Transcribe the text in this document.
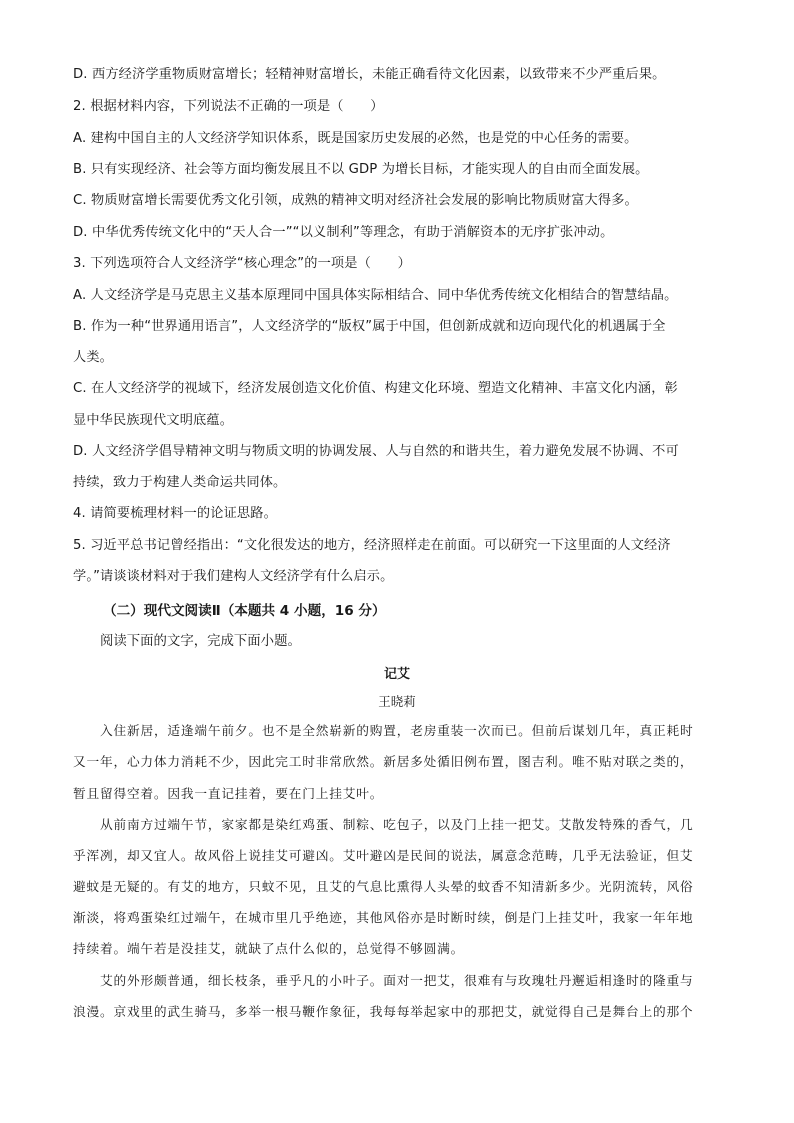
D. 西方经济学重物质财富增长；轻精神财富增长，未能正确看待文化因素，以致带来不少严重后果。
2. 根据材料内容，下列说法不正确的一项是（　　）
A. 建构中国自主的人文经济学知识体系，既是国家历史发展的必然，也是党的中心任务的需要。
B. 只有实现经济、社会等方面均衡发展且不以 GDP 为增长目标，才能实现人的自由而全面发展。
C. 物质财富增长需要优秀文化引领，成熟的精神文明对经济社会发展的影响比物质财富大得多。
D. 中华优秀传统文化中的“天人合一”“以义制利”等理念，有助于消解资本的无序扩张冲动。
3. 下列选项符合人文经济学“核心理念”的一项是（　　）
A. 人文经济学是马克思主义基本原理同中国具体实际相结合、同中华优秀传统文化相结合的智慧结晶。
B. 作为一种“世界通用语言”，人文经济学的“版权”属于中国，但创新成就和迈向现代化的机遇属于全
人类。
C. 在人文经济学的视域下，经济发展创造文化价值、构建文化环境、塑造文化精神、丰富文化内涵，彰
显中华民族现代文明底蕴。
D. 人文经济学倡导精神文明与物质文明的协调发展、人与自然的和谐共生，着力避免发展不协调、不可
持续，致力于构建人类命运共同体。
4. 请简要梳理材料一的论证思路。
5. 习近平总书记曾经指出：“文化很发达的地方，经济照样走在前面。可以研究一下这里面的人文经济
学。”请谈谈材料对于我们建构人文经济学有什么启示。
（二）现代文阅读Ⅱ（本题共 4 小题，16 分）
阅读下面的文字，完成下面小题。
记艾
王晓莉
入住新居，适逢端午前夕。也不是全然崭新的购置，老房重装一次而已。但前后谋划几年，真正耗时
又一年，心力体力消耗不少，因此完工时非常欣然。新居多处循旧例布置，图吉利。唯不贴对联之类的，
暂且留得空着。因我一直记挂着，要在门上挂艾叶。
从前南方过端午节，家家都是染红鸡蛋、制粽、吃包子，以及门上挂一把艾。艾散发特殊的香气，几
乎浑冽，却又宜人。故风俗上说挂艾可避凶。艾叶避凶是民间的说法，属意念范畴，几乎无法验证，但艾
避蚊是无疑的。有艾的地方，只蚊不见，且艾的气息比熏得人头晕的蚊香不知清新多少。光阴流转，风俗
渐淡，将鸡蛋染红过端午，在城市里几乎绝迹，其他风俗亦是时断时续，倒是门上挂艾叶，我家一年年地
持续着。端午若是没挂艾，就缺了点什么似的，总觉得不够圆满。
艾的外形颇普通，细长枝条，垂乎凡的小叶子。面对一把艾，很难有与玫瑰牡丹邂逅相逢时的隆重与
浪漫。京戏里的武生骑马，多举一根马鞭作象征，我每每举起家中的那把艾，就觉得自己是舞台上的那个
